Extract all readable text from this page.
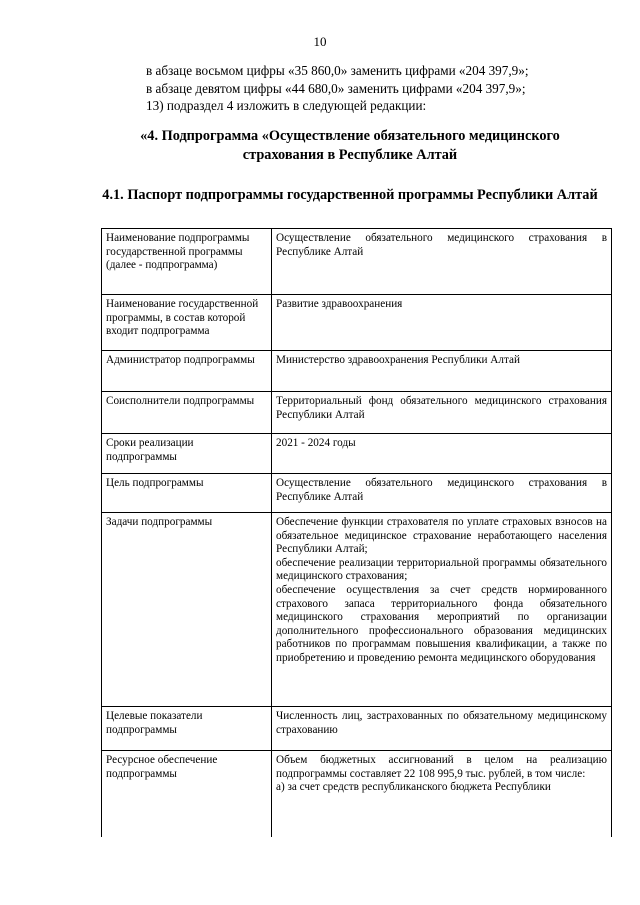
10
в абзаце восьмом цифры «35 860,0» заменить цифрами «204 397,9»;
в абзаце девятом цифры «44 680,0» заменить цифрами «204 397,9»;
13) подраздел 4 изложить в следующей редакции:
«4. Подпрограмма «Осуществление обязательного медицинского страхования в Республике Алтай
4.1. Паспорт подпрограммы государственной программы Республики Алтай
Наименование подпрограммы государственной программы (далее - подпрограмма)	Осуществление обязательного медицинского страхования в Республике Алтай
Наименование государственной программы, в состав которой входит подпрограмма	Развитие здравоохранения
Администратор подпрограммы	Министерство здравоохранения Республики Алтай
Соисполнители подпрограммы	Территориальный фонд обязательного медицинского страхования Республики Алтай
Сроки реализации подпрограммы	2021 - 2024 годы
Цель подпрограммы	Осуществление обязательного медицинского страхования в Республике Алтай
Задачи подпрограммы	Обеспечение функции страхователя по уплате страховых взносов на обязательное медицинское страхование неработающего населения Республики Алтай;
обеспечение реализации территориальной программы обязательного медицинского страхования;
обеспечение осуществления за счет средств нормированного страхового запаса территориального фонда обязательного медицинского страхования мероприятий по организации дополнительного профессионального образования медицинских работников по программам повышения квалификации, а также по приобретению и проведению ремонта медицинского оборудования
Целевые показатели подпрограммы	Численность лиц, застрахованных по обязательному медицинскому страхованию
Ресурсное обеспечение подпрограммы	Объем бюджетных ассигнований в целом на реализацию подпрограммы составляет 22 108 995,9 тыс. рублей, в том числе:
а) за счет средств республиканского бюджета Республики
